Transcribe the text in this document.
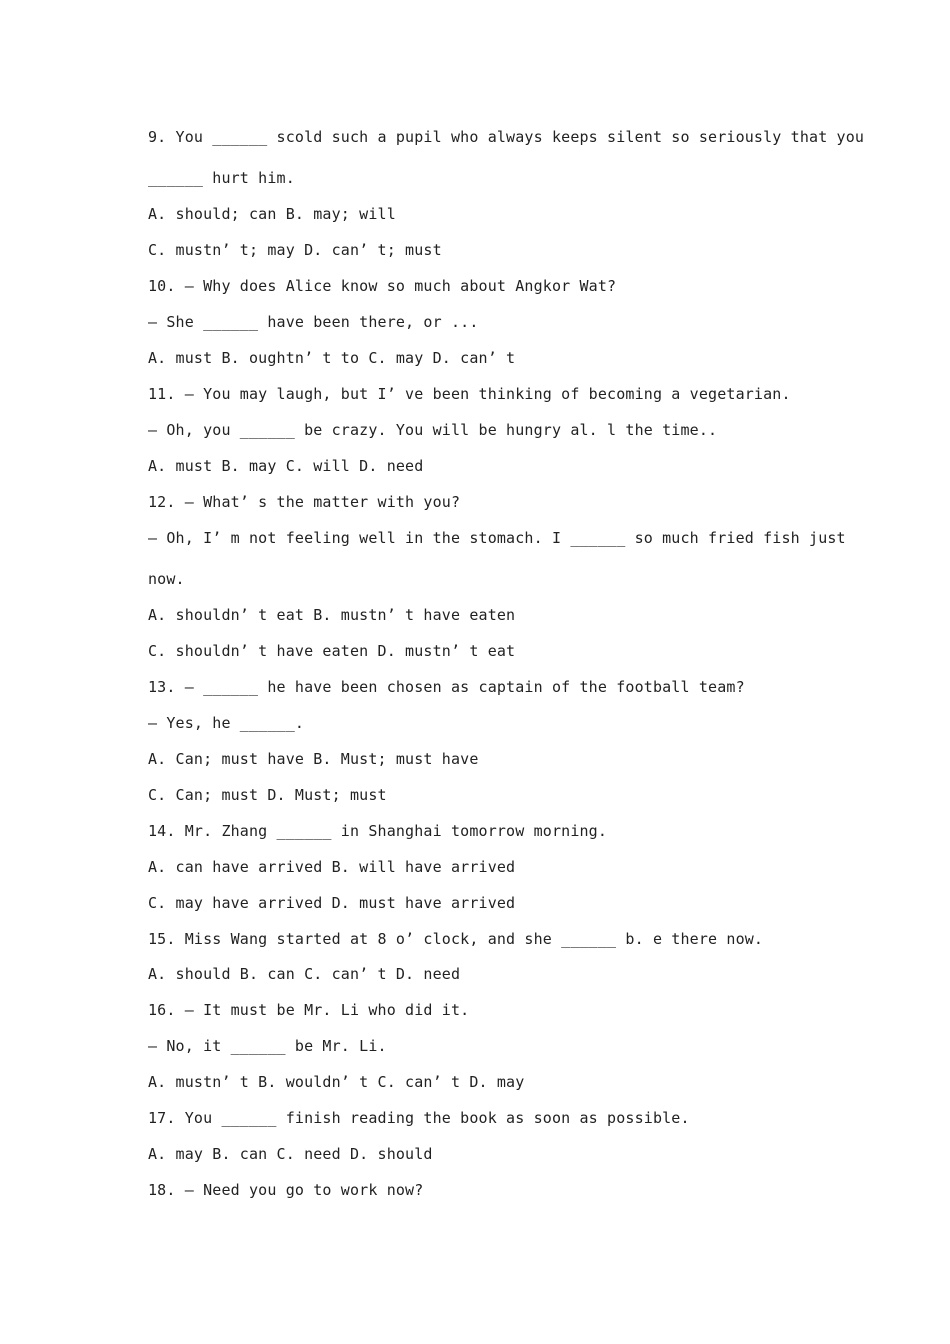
9. You ______ scold such a pupil who always keeps silent so seriously that you
______ hurt him.
A. should; can B. may; will
C. mustn’ t; may D. can’ t; must
10. — Why does Alice know so much about Angkor Wat?
— She ______ have been there, or ...
A. must B. oughtn’ t to C. may D. can’ t
11. — You may laugh, but I’ ve been thinking of becoming a vegetarian.
— Oh, you ______ be crazy. You will be hungry al. l the time..
A. must B. may C. will D. need
12. — What’ s the matter with you?
— Oh, I’ m not feeling well in the stomach. I ______ so much fried fish just
now.
A. shouldn’ t eat B. mustn’ t have eaten
C. shouldn’ t have eaten D. mustn’ t eat
13. — ______ he have been chosen as captain of the football team?
— Yes, he ______.
A. Can; must have B. Must; must have
C. Can; must D. Must; must
14. Mr. Zhang ______ in Shanghai tomorrow morning.
A. can have arrived B. will have arrived
C. may have arrived D. must have arrived
15. Miss Wang started at 8 o’ clock, and she ______ b. e there now.
A. should B. can C. can’ t D. need
16. — It must be Mr. Li who did it.
— No, it ______ be Mr. Li.
A. mustn’ t B. wouldn’ t C. can’ t D. may
17. You ______ finish reading the book as soon as possible.
A. may B. can C. need D. should
18. — Need you go to work now?
